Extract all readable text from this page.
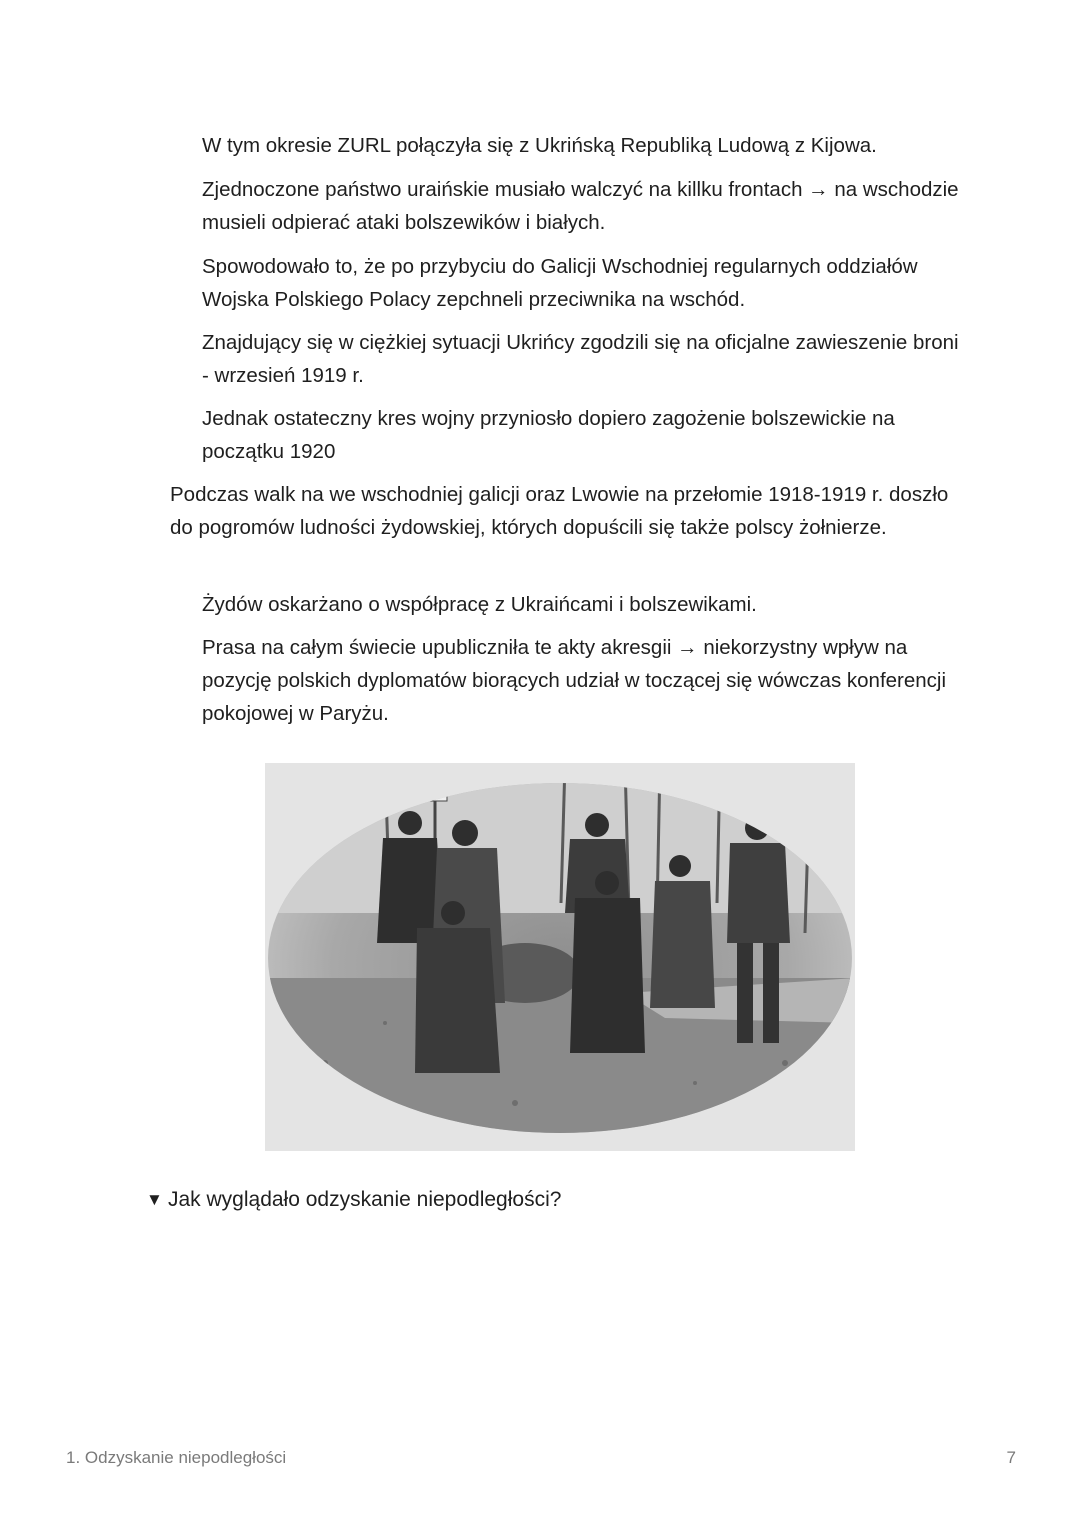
W tym okresie ZURL połączyła się z Ukrińską Republiką Ludową z Kijowa.

Zjednoczone państwo uraińskie musiało walczyć na killku frontach → na wschodzie musieli odpierać ataki bolszewików i białych.

Spowodowało to, że po przybyciu do Galicji Wschodniej regularnych oddziałów Wojska Polskiego Polacy zepchneli przeciwnika na wschód.

Znajdujący się w ciężkiej sytuacji Ukrińcy zgodzili się na oficjalne zawieszenie broni - wrzesień 1919 r.

Jednak ostateczny kres wojny przyniosło dopiero zagożenie bolszewickie na początku 1920

Podczas walk na we wschodniej galicji oraz Lwowie na przełomie 1918-1919 r. doszło do pogromów ludności żydowskiej, których dopuścili się także polscy żołnierze.

Żydów oskarżano o współpracę z Ukraińcami i bolszewikami.

Prasa na całym świecie upubliczniła te akty akresgii → niekorzystny wpływ na pozycję polskich dyplomatów biorących udział w toczącej się wówczas konferencji pokojowej w Paryżu.

▼ Jak wyglądało odzyskanie niepodległości?
1. Odzyskanie niepodległości	7
